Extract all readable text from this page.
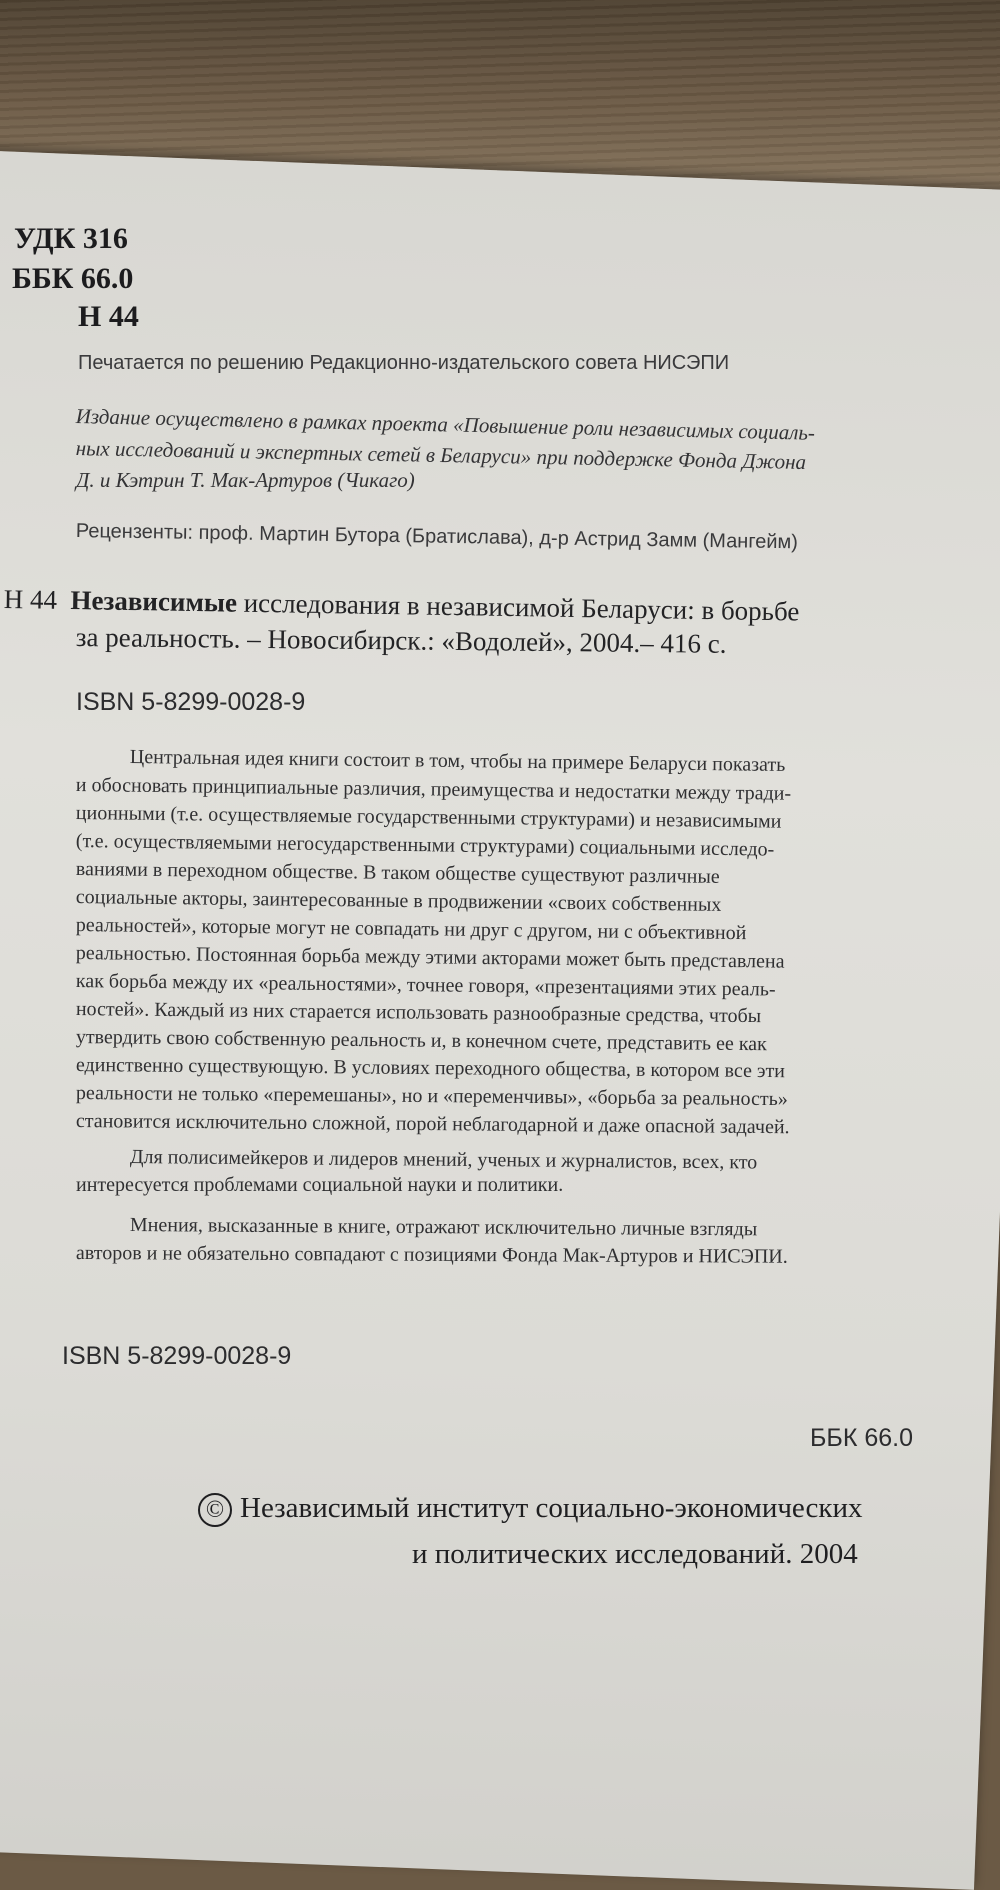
УДК 316
ББК 66.0
Н 44
Печатается по решению Редакционно-издательского совета НИСЭПИ
Издание осуществлено в рамках проекта «Повышение роли независимых социаль-
ных исследований и экспертных сетей в Беларуси» при поддержке Фонда Джона
Д. и Кэтрин Т. Мак-Артуров (Чикаго)
Рецензенты: проф. Мартин Бутора (Братислава), д-р Астрид Замм (Мангейм)
Н 44 Независимые исследования в независимой Беларуси: в борьбе
за реальность. – Новосибирск.: «Водолей», 2004.– 416 с.
ISBN 5-8299-0028-9
Центральная идея книги состоит в том, чтобы на примере Беларуси показать
и обосновать принципиальные различия, преимущества и недостатки между тради-
ционными (т.е. осуществляемые государственными структурами) и независимыми
(т.е. осуществляемыми негосударственными структурами) социальными исследо-
ваниями в переходном обществе. В таком обществе существуют различные
социальные акторы, заинтересованные в продвижении «своих собственных
реальностей», которые могут не совпадать ни друг с другом, ни с объективной
реальностью. Постоянная борьба между этими акторами может быть представлена
как борьба между их «реальностями», точнее говоря, «презентациями этих реаль-
ностей». Каждый из них старается использовать разнообразные средства, чтобы
утвердить свою собственную реальность и, в конечном счете, представить ее как
единственно существующую. В условиях переходного общества, в котором все эти
реальности не только «перемешаны», но и «переменчивы», «борьба за реальность»
становится исключительно сложной, порой неблагодарной и даже опасной задачей.
Для полисимейкеров и лидеров мнений, ученых и журналистов, всех, кто
интересуется проблемами социальной науки и политики.
Мнения, высказанные в книге, отражают исключительно личные взгляды
авторов и не обязательно совпадают с позициями Фонда Мак-Артуров и НИСЭПИ.
ISBN 5-8299-0028-9
ББК 66.0
© Независимый институт социально-экономических
и политических исследований. 2004
